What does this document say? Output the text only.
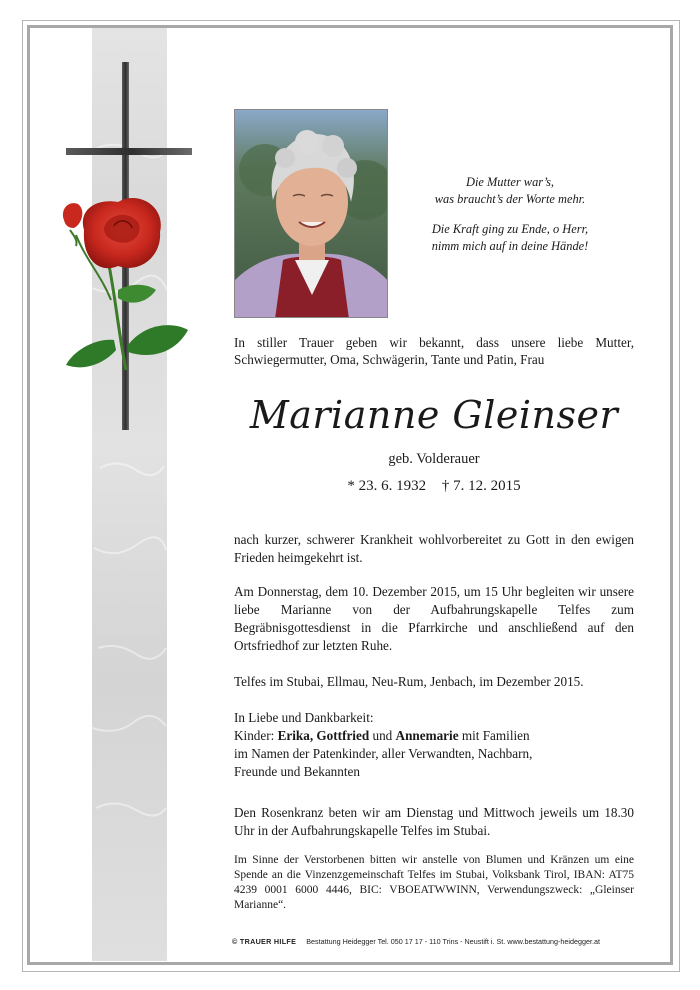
Die Mutter war’s,

was braucht’s der Worte mehr.

Die Kraft ging zu Ende, o Herr,

nimm mich auf in deine Hände!

In stiller Trauer geben wir bekannt, dass unsere liebe Mutter, Schwiegermutter, Oma, Schwägerin, Tante und Patin, Frau
Marianne Gleinser
geb. Volderauer
* 23. 6. 1932 † 7. 12. 2015
nach kurzer, schwerer Krankheit wohlvorbereitet zu Gott in den ewigen Frieden heimgekehrt ist.
Am Donnerstag, dem 10. Dezember 2015, um 15 Uhr begleiten wir unsere liebe Marianne von der Aufbahrungskapelle Telfes zum Begräbnisgottesdienst in die Pfarrkirche und anschließend auf den Ortsfriedhof zur letzten Ruhe.
Telfes im Stubai, Ellmau, Neu-Rum, Jenbach, im Dezember 2015.

In Liebe und Dankbarkeit:

Kinder: Erika, Gottfried und Annemarie mit Familien

im Namen der Patenkinder, aller Verwandten, Nachbarn,

Freunde und Bekannten

Den Rosenkranz beten wir am Dienstag und Mittwoch jeweils um 18.30 Uhr in der Aufbahrungskapelle Telfes im Stubai.
Im Sinne der Verstorbenen bitten wir anstelle von Blumen und Kränzen um eine Spende an die Vinzenzgemeinschaft Telfes im Stubai, Volksbank Tirol, IBAN: AT75 4239 0001 6000 4446, BIC: VBOEATWWINN, Verwendungszweck: „Gleinser Marianne“.
© TRAUER HILFE Bestattung Heidegger Tel. 050 17 17 - 110 Trins - Neustift i. St. www.bestattung-heidegger.at
